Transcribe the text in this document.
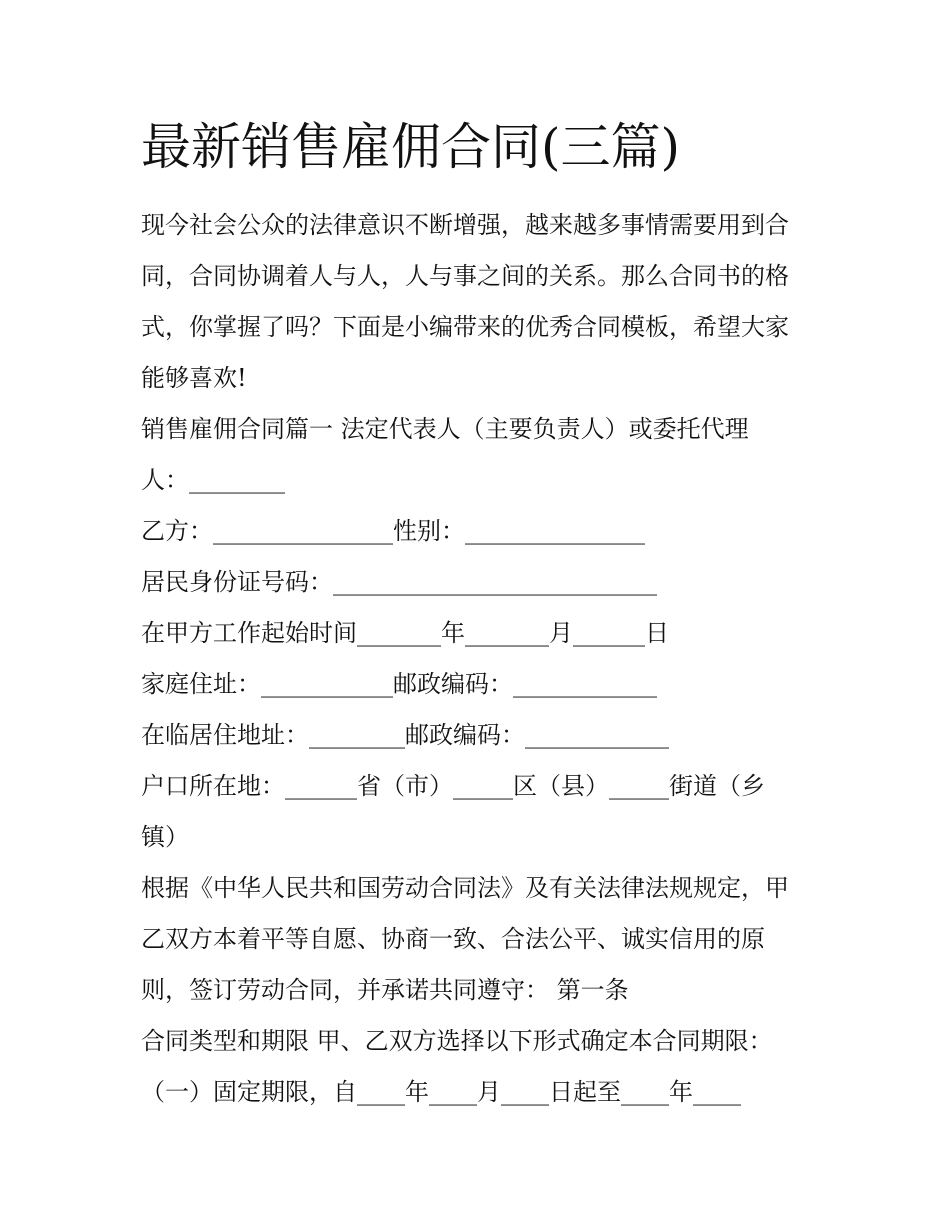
最新销售雇佣合同(三篇)
现今社会公众的法律意识不断增强，越来越多事情需要用到合
同，合同协调着人与人，人与事之间的关系。那么合同书的格
式，你掌握了吗？下面是小编带来的优秀合同模板，希望大家
能够喜欢!
销售雇佣合同篇一 法定代表人（主要负责人）或委托代理
人：________
乙方：_______________性别：_______________
居民身份证号码：___________________________
在甲方工作起始时间_______年_______月______日
家庭住址：___________邮政编码：____________
在临居住地址：________邮政编码：____________
户口所在地：______省（市）_____区（县）_____街道（乡
镇）
根据《中华人民共和国劳动合同法》及有关法律法规规定，甲
乙双方本着平等自愿、协商一致、合法公平、诚实信用的原
则，签订劳动合同，并承诺共同遵守： 第一条
合同类型和期限 甲、乙双方选择以下形式确定本合同期限：
（一）固定期限，自____年____月____日起至____年____
